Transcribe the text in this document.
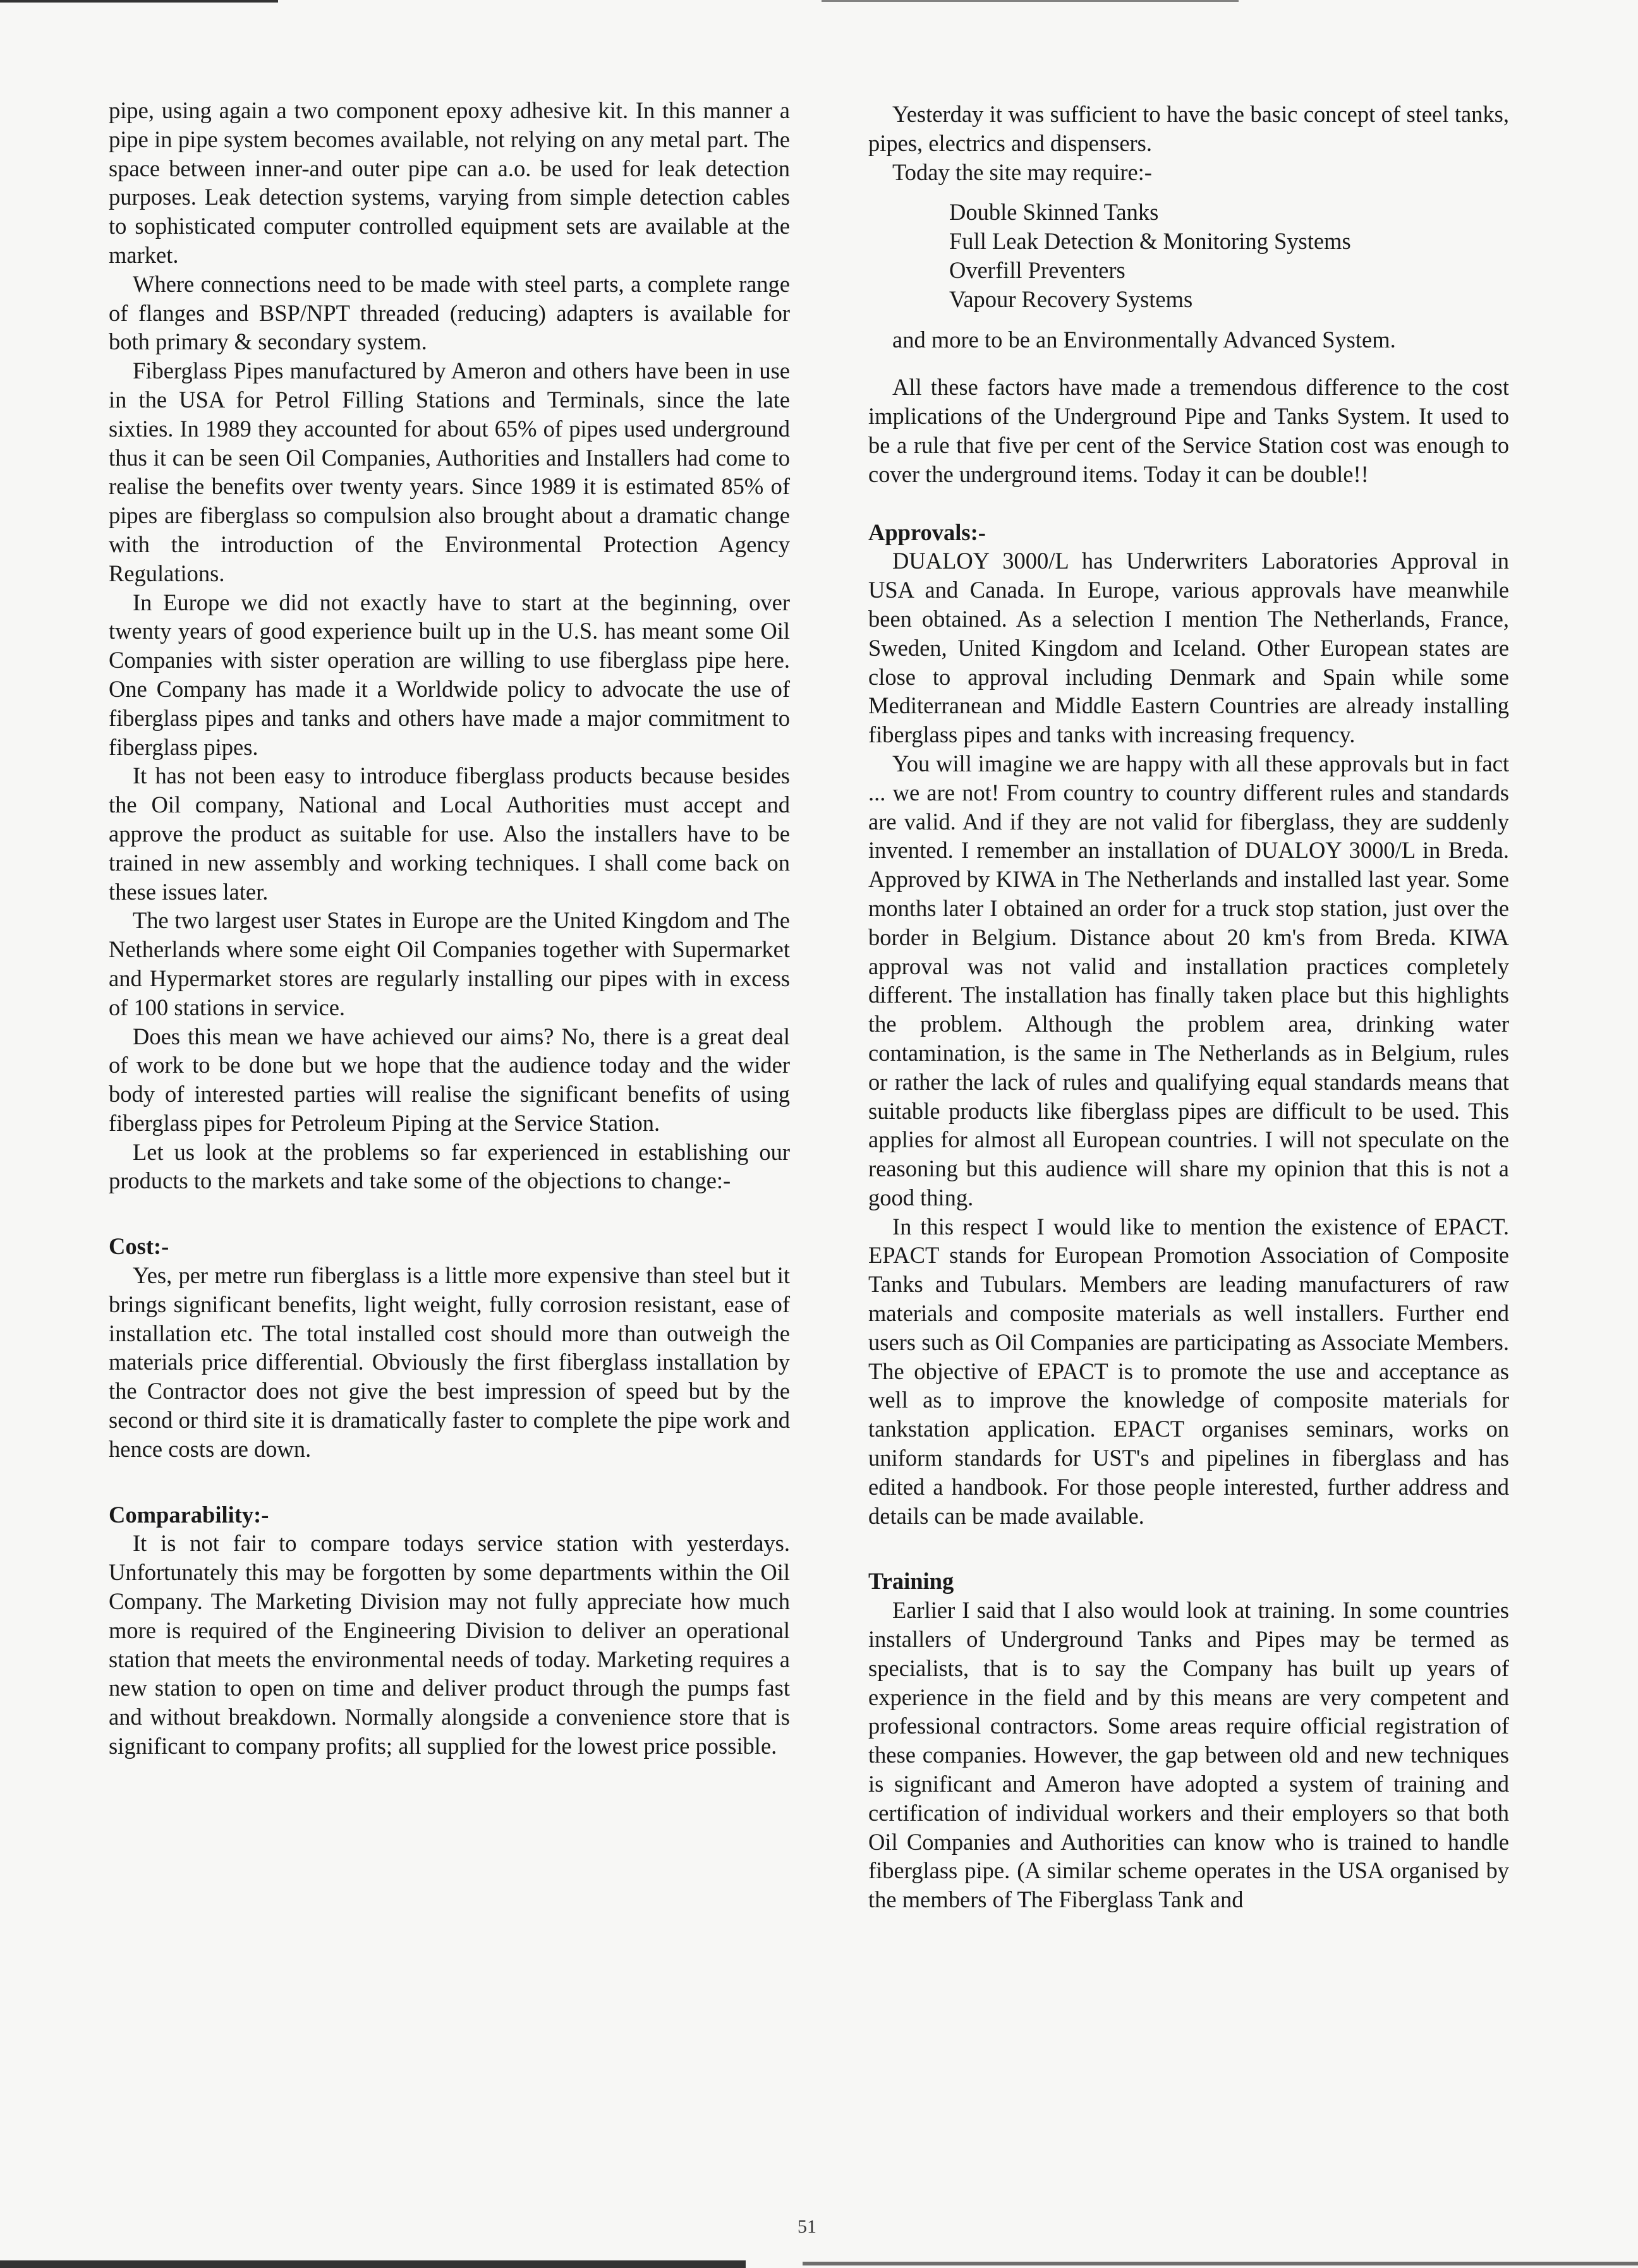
pipe, using again a two component epoxy adhesive kit. In this manner a pipe in pipe system becomes available, not relying on any metal part. The space between inner-and outer pipe can a.o. be used for leak detection purposes. Leak detection systems, varying from simple detection cables to sophisticated computer controlled equipment sets are available at the market.

Where connections need to be made with steel parts, a complete range of flanges and BSP/NPT threaded (reducing) adapters is available for both primary & secondary system.

Fiberglass Pipes manufactured by Ameron and others have been in use in the USA for Petrol Filling Stations and Terminals, since the late sixties. In 1989 they accounted for about 65% of pipes used underground thus it can be seen Oil Companies, Authorities and Installers had come to realise the benefits over twenty years. Since 1989 it is estimated 85% of pipes are fiberglass so compulsion also brought about a dramatic change with the introduction of the Environmental Protection Agency Regulations.

In Europe we did not exactly have to start at the beginning, over twenty years of good experience built up in the U.S. has meant some Oil Companies with sister operation are willing to use fiberglass pipe here. One Company has made it a Worldwide policy to advocate the use of fiberglass pipes and tanks and others have made a major commitment to fiberglass pipes.

It has not been easy to introduce fiberglass products because besides the Oil company, National and Local Authorities must accept and approve the product as suitable for use. Also the installers have to be trained in new assembly and working techniques. I shall come back on these issues later.

The two largest user States in Europe are the United Kingdom and The Netherlands where some eight Oil Companies together with Supermarket and Hypermarket stores are regularly installing our pipes with in excess of 100 stations in service.

Does this mean we have achieved our aims? No, there is a great deal of work to be done but we hope that the audience today and the wider body of interested parties will realise the significant benefits of using fiberglass pipes for Petroleum Piping at the Service Station.

Let us look at the problems so far experienced in establishing our products to the markets and take some of the objections to change:-

Cost:-

Yes, per metre run fiberglass is a little more expensive than steel but it brings significant benefits, light weight, fully corrosion resistant, ease of installation etc. The total installed cost should more than outweigh the materials price differential. Obviously the first fiberglass installation by the Contractor does not give the best impression of speed but by the second or third site it is dramatically faster to complete the pipe work and hence costs are down.

Comparability:-

It is not fair to compare todays service station with yesterdays. Unfortunately this may be forgotten by some departments within the Oil Company. The Marketing Division may not fully appreciate how much more is required of the Engineering Division to deliver an operational station that meets the environmental needs of today. Marketing requires a new station to open on time and deliver product through the pumps fast and without breakdown. Normally alongside a convenience store that is significant to company profits; all supplied for the lowest price possible.

Yesterday it was sufficient to have the basic concept of steel tanks, pipes, electrics and dispensers.

Today the site may require:-

Double Skinned Tanks
Full Leak Detection & Monitoring Systems
Overfill Preventers
Vapour Recovery Systems

and more to be an Environmentally Advanced System.

All these factors have made a tremendous difference to the cost implications of the Underground Pipe and Tanks System. It used to be a rule that five per cent of the Service Station cost was enough to cover the underground items. Today it can be double!!

Approvals:-

DUALOY 3000/L has Underwriters Laboratories Approval in USA and Canada. In Europe, various approvals have meanwhile been obtained. As a selection I mention The Netherlands, France, Sweden, United Kingdom and Iceland. Other European states are close to approval including Denmark and Spain while some Mediterranean and Middle Eastern Countries are already installing fiberglass pipes and tanks with increasing frequency.

You will imagine we are happy with all these approvals but in fact ... we are not! From country to country different rules and standards are valid. And if they are not valid for fiberglass, they are suddenly invented. I remember an installation of DUALOY 3000/L in Breda. Approved by KIWA in The Netherlands and installed last year. Some months later I obtained an order for a truck stop station, just over the border in Belgium. Distance about 20 km's from Breda. KIWA approval was not valid and installation practices completely different. The installation has finally taken place but this highlights the problem. Although the problem area, drinking water contamination, is the same in The Netherlands as in Belgium, rules or rather the lack of rules and qualifying equal standards means that suitable products like fiberglass pipes are difficult to be used. This applies for almost all European countries. I will not speculate on the reasoning but this audience will share my opinion that this is not a good thing.

In this respect I would like to mention the existence of EPACT. EPACT stands for European Promotion Association of Composite Tanks and Tubulars. Members are leading manufacturers of raw materials and composite materials as well installers. Further end users such as Oil Companies are participating as Associate Members. The objective of EPACT is to promote the use and acceptance as well as to improve the knowledge of composite materials for tankstation application. EPACT organises seminars, works on uniform standards for UST's and pipelines in fiberglass and has edited a handbook. For those people interested, further address and details can be made available.

Training

Earlier I said that I also would look at training. In some countries installers of Underground Tanks and Pipes may be termed as specialists, that is to say the Company has built up years of experience in the field and by this means are very competent and professional contractors. Some areas require official registration of these companies. However, the gap between old and new techniques is significant and Ameron have adopted a system of training and certification of individual workers and their employers so that both Oil Companies and Authorities can know who is trained to handle fiberglass pipe. (A similar scheme operates in the USA organised by the members of The Fiberglass Tank and

51
